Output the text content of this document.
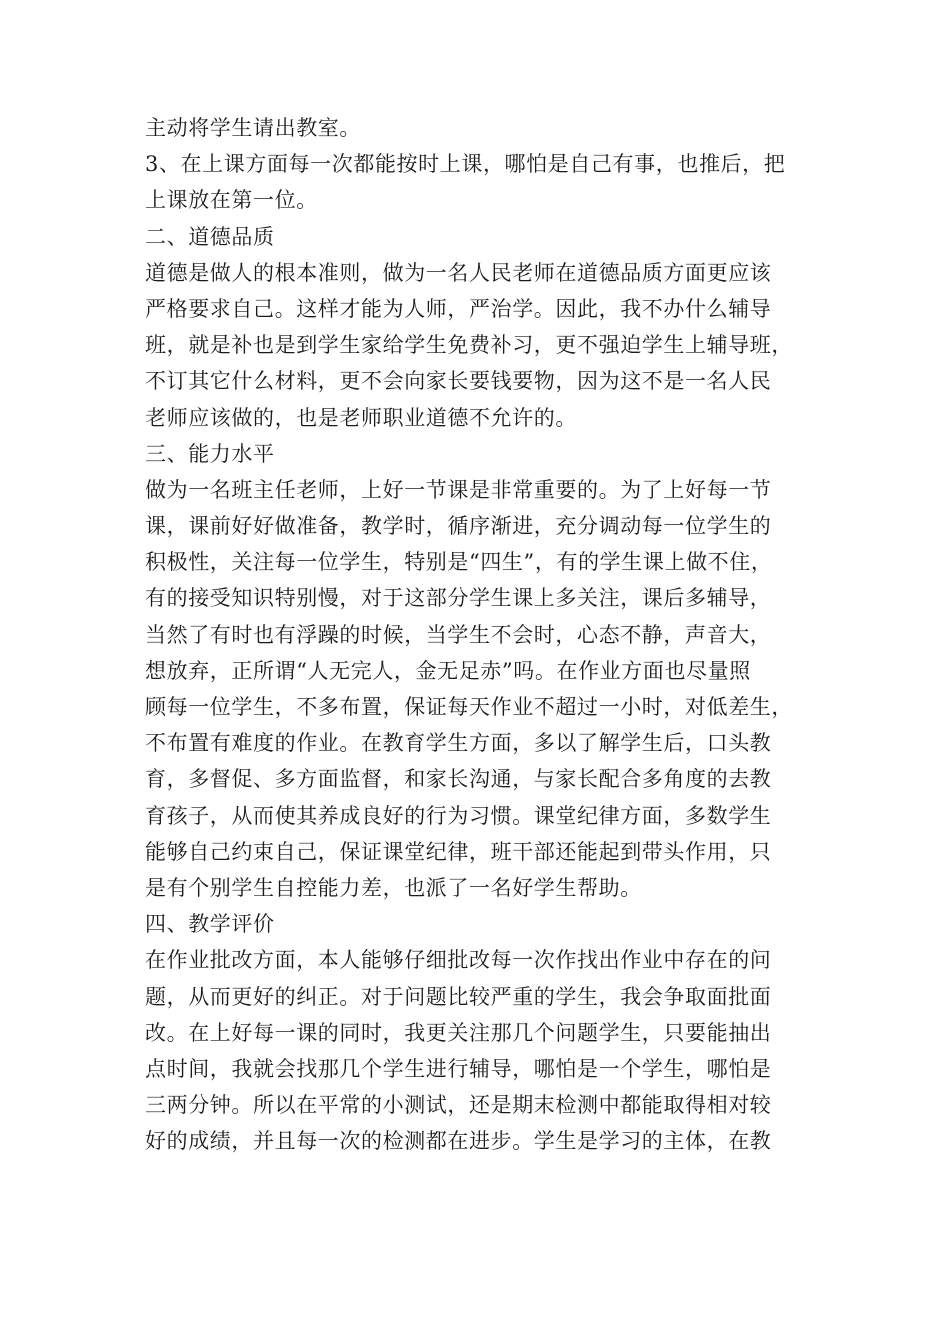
主动将学生请出教室。
3、在上课方面每一次都能按时上课，哪怕是自己有事，也推后，把
上课放在第一位。
二、道德品质
道德是做人的根本准则，做为一名人民老师在道德品质方面更应该
严格要求自己。这样才能为人师，严治学。因此，我不办什么辅导
班，就是补也是到学生家给学生免费补习，更不强迫学生上辅导班，
不订其它什么材料，更不会向家长要钱要物，因为这不是一名人民
老师应该做的，也是老师职业道德不允许的。
三、能力水平
做为一名班主任老师，上好一节课是非常重要的。为了上好每一节
课，课前好好做准备，教学时，循序渐进，充分调动每一位学生的
积极性，关注每一位学生，特别是“四生”，有的学生课上做不住，
有的接受知识特别慢，对于这部分学生课上多关注，课后多辅导，
当然了有时也有浮躁的时候，当学生不会时，心态不静，声音大，
想放弃，正所谓“人无完人，金无足赤”吗。在作业方面也尽量照
顾每一位学生，不多布置，保证每天作业不超过一小时，对低差生，
不布置有难度的作业。在教育学生方面，多以了解学生后，口头教
育，多督促、多方面监督，和家长沟通，与家长配合多角度的去教
育孩子，从而使其养成良好的行为习惯。课堂纪律方面，多数学生
能够自己约束自己，保证课堂纪律，班干部还能起到带头作用，只
是有个别学生自控能力差，也派了一名好学生帮助。
四、教学评价
在作业批改方面，本人能够仔细批改每一次作找出作业中存在的问
题，从而更好的纠正。对于问题比较严重的学生，我会争取面批面
改。在上好每一课的同时，我更关注那几个问题学生，只要能抽出
点时间，我就会找那几个学生进行辅导，哪怕是一个学生，哪怕是
三两分钟。所以在平常的小测试，还是期末检测中都能取得相对较
好的成绩，并且每一次的检测都在进步。学生是学习的主体，在教
